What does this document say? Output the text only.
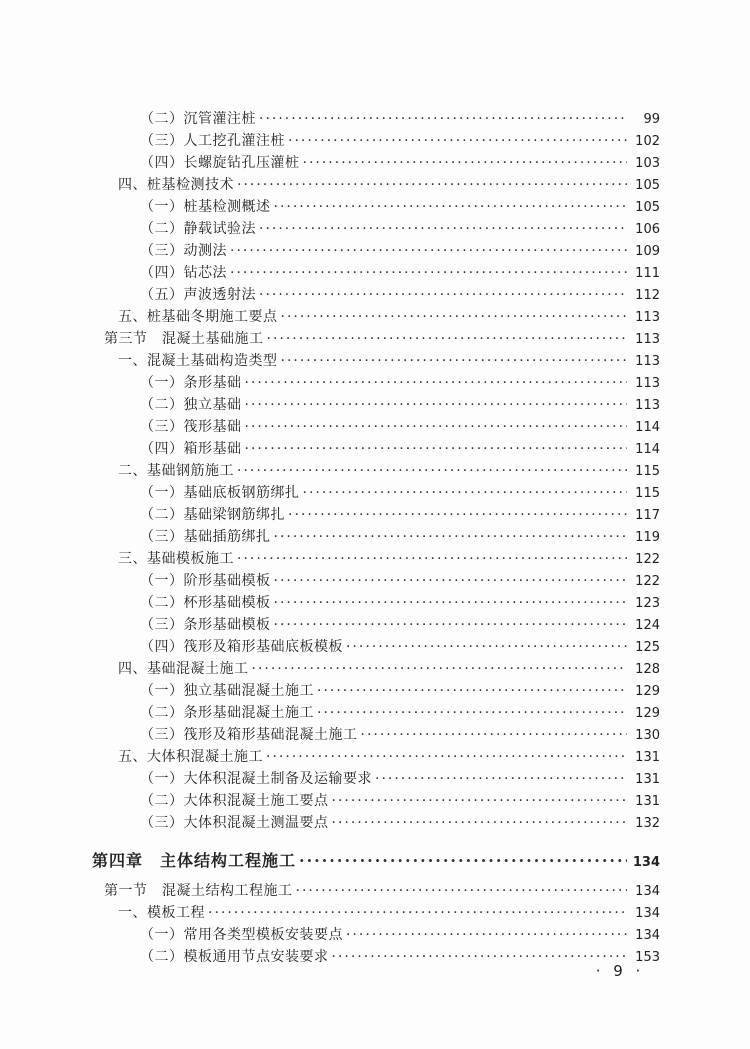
（二）沉管灌注桩 ·····	99
（三）人工挖孔灌注桩 ·····	102
（四）长螺旋钻孔压灌桩 ·····	103
四、桩基检测技术 ·····	105
（一）桩基检测概述 ·····	105
（二）静载试验法 ·····	106
（三）动测法 ·····	109
（四）钻芯法 ·····	111
（五）声波透射法 ·····	112
五、桩基础冬期施工要点 ·····	113
第三节　混凝土基础施工 ·····	113
一、混凝土基础构造类型 ·····	113
（一）条形基础 ·····	113
（二）独立基础 ·····	113
（三）筏形基础 ·····	114
（四）箱形基础 ·····	114
二、基础钢筋施工 ·····	115
（一）基础底板钢筋绑扎 ·····	115
（二）基础梁钢筋绑扎 ·····	117
（三）基础插筋绑扎 ·····	119
三、基础模板施工 ·····	122
（一）阶形基础模板 ·····	122
（二）杯形基础模板 ·····	123
（三）条形基础模板 ·····	124
（四）筏形及箱形基础底板模板 ·····	125
四、基础混凝土施工 ·····	128
（一）独立基础混凝土施工 ·····	129
（二）条形基础混凝土施工 ·····	129
（三）筏形及箱形基础混凝土施工 ·····	130
五、大体积混凝土施工 ·····	131
（一）大体积混凝土制备及运输要求 ·····	131
（二）大体积混凝土施工要点 ·····	131
（三）大体积混凝土测温要点 ·····	132
第四章　主体结构工程施工 ·····	134
第一节　混凝土结构工程施工 ·····	134
一、模板工程 ·····	134
（一）常用各类型模板安装要点 ·····	134
（二）模板通用节点安装要求 ·····	153
· 9 ·
